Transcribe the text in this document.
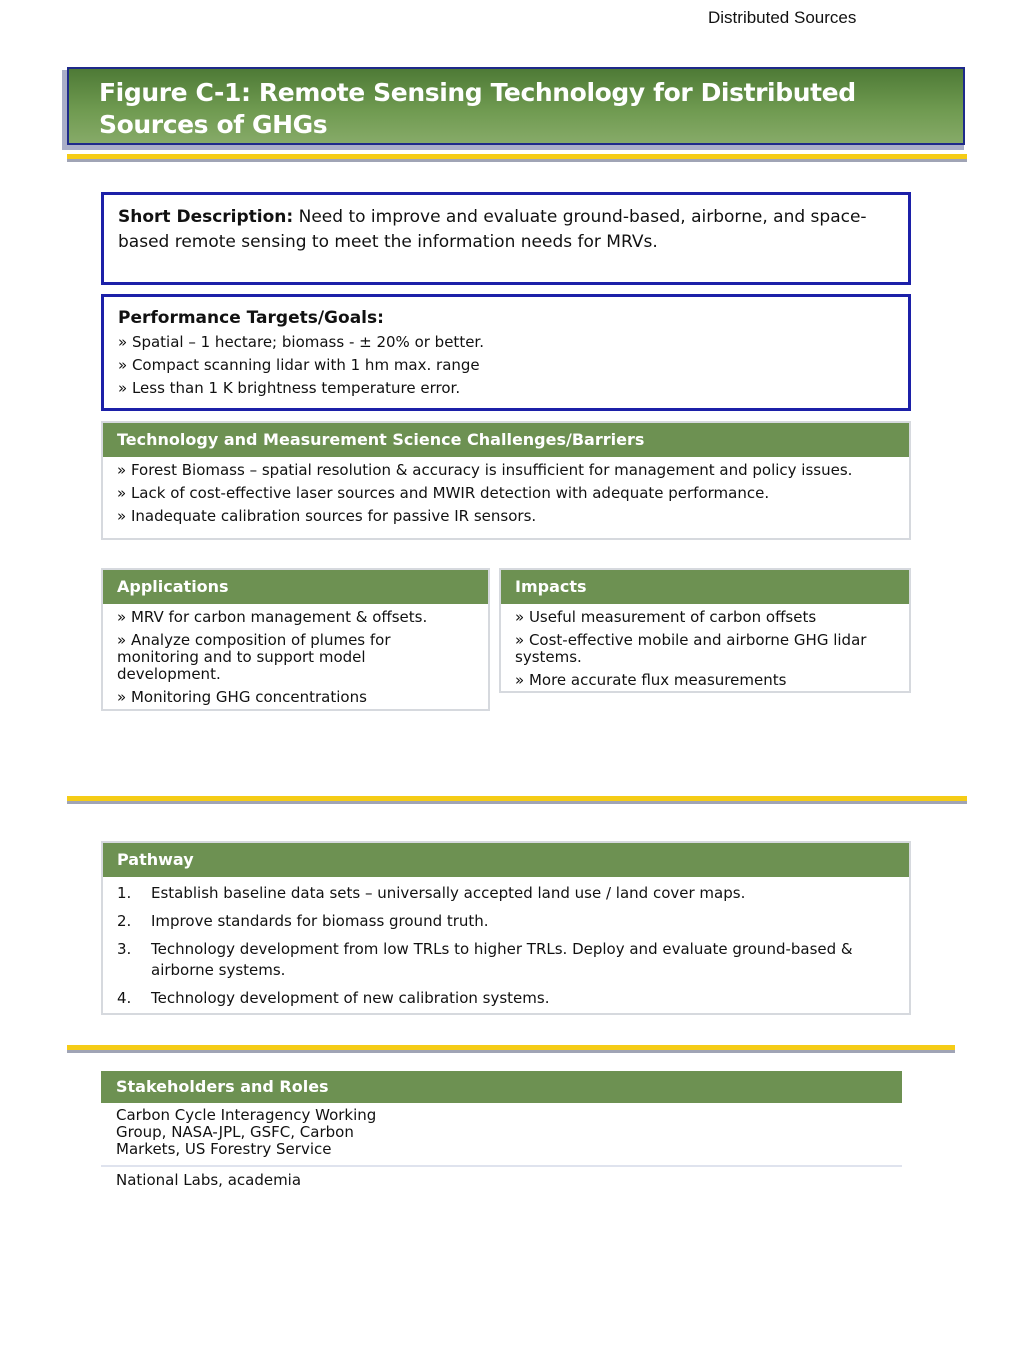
Distributed Sources
Figure C-1: Remote Sensing Technology for Distributed Sources of GHGs
Short Description: Need to improve and evaluate ground-based, airborne, and space-based remote sensing to meet the information needs for MRVs.
Performance Targets/Goals:
» Spatial – 1 hectare; biomass - ± 20% or better.
» Compact scanning lidar with 1 hm max. range
» Less than 1 K brightness temperature error.
Technology and Measurement Science Challenges/Barriers
» Forest Biomass – spatial resolution & accuracy is insufficient for management and policy issues.
» Lack of cost-effective laser sources and MWIR detection with adequate performance.
» Inadequate calibration sources for passive IR sensors.
Applications
» MRV for carbon management & offsets.
» Analyze composition of plumes for monitoring and to support model development.
» Monitoring GHG concentrations
Impacts
» Useful measurement of carbon offsets
» Cost-effective mobile and airborne GHG lidar systems.
» More accurate flux measurements
Pathway
1.	Establish baseline data sets – universally accepted land use / land cover maps.
2.	Improve standards for biomass ground truth.
3.	Technology development from low TRLs to higher TRLs. Deploy and evaluate ground-based & airborne systems.
4.	Technology development of new calibration systems.
Stakeholders and Roles
Carbon Cycle Interagency Working Group, NASA-JPL, GSFC, Carbon Markets, US Forestry Service
National Labs, academia
